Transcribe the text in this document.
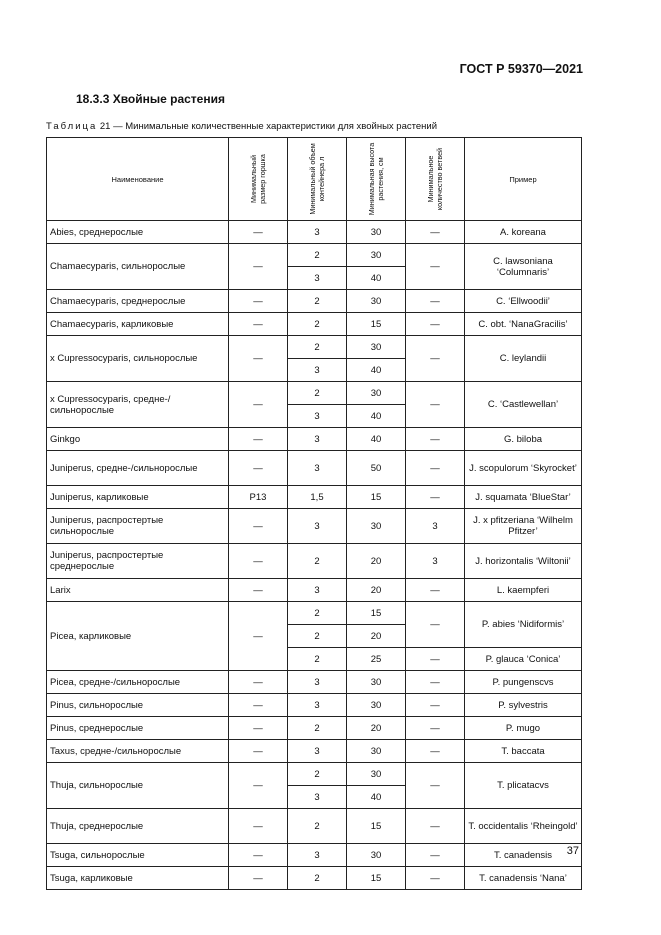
ГОСТ Р 59370—2021
18.3.3 Хвойные растения
Таблица 21 — Минимальные количественные характеристики для хвойных растений
Наименование	Минимальный размер горшка	Минимальный объем контейнера л	Минимальная высота растения, см	Минимальное количество ветвей	Пример
Abies, среднерослые	—	3	30	—	A. koreana
Chamaecyparis, сильнорослые	—	2	30	—	C. lawsoniana ‘Columnaris’
		3	40		
Chamaecyparis, среднерослые	—	2	30	—	C. ‘Ellwoodii’
Chamaecyparis, карликовые	—	2	15	—	C. obt. ‘NanaGracilis’
x Cupressocyparis, сильнорослые	—	2	30	—	C. leylandii
		3	40		
x Cupressocyparis, средне-/сильнорослые	—	2	30	—	C. ‘Castlewellan’
		3	40		
Ginkgo	—	3	40	—	G. biloba
Juniperus, средне-/сильнорослые	—	3	50	—	J. scopulorum ‘Skyrocket’
Juniperus, карликовые	P13	1,5	15	—	J. squamata ‘BlueStar’
Juniperus, распростертые сильнорослые	—	3	30	3	J. x pfitzeriana ‘Wilhelm Pfitzer’
Juniperus, распростертые среднерослые	—	2	20	3	J. horizontalis ‘Wiltonii’
Larix	—	3	20	—	L. kaempferi
Picea, карликовые	—	2	15	—	P. abies ‘Nidiformis’
		2	20		
		2	25	—	P. glauca ‘Conica’
Picea, средне-/сильнорослые	—	3	30	—	P. pungenscvs
Pinus, сильнорослые	—	3	30	—	P. sylvestris
Pinus, среднерослые	—	2	20	—	P. mugo
Taxus, средне-/сильнорослые	—	3	30	—	T. baccata
Thuja, сильнорослые	—	2	30	—	T. plicatacvs
		3	40		
Thuja, среднерослые	—	2	15	—	T. occidentalis ‘Rheingold’
Tsuga, сильнорослые	—	3	30	—	T. canadensis
Tsuga, карликовые	—	2	15	—	T. canadensis ‘Nana’
37
